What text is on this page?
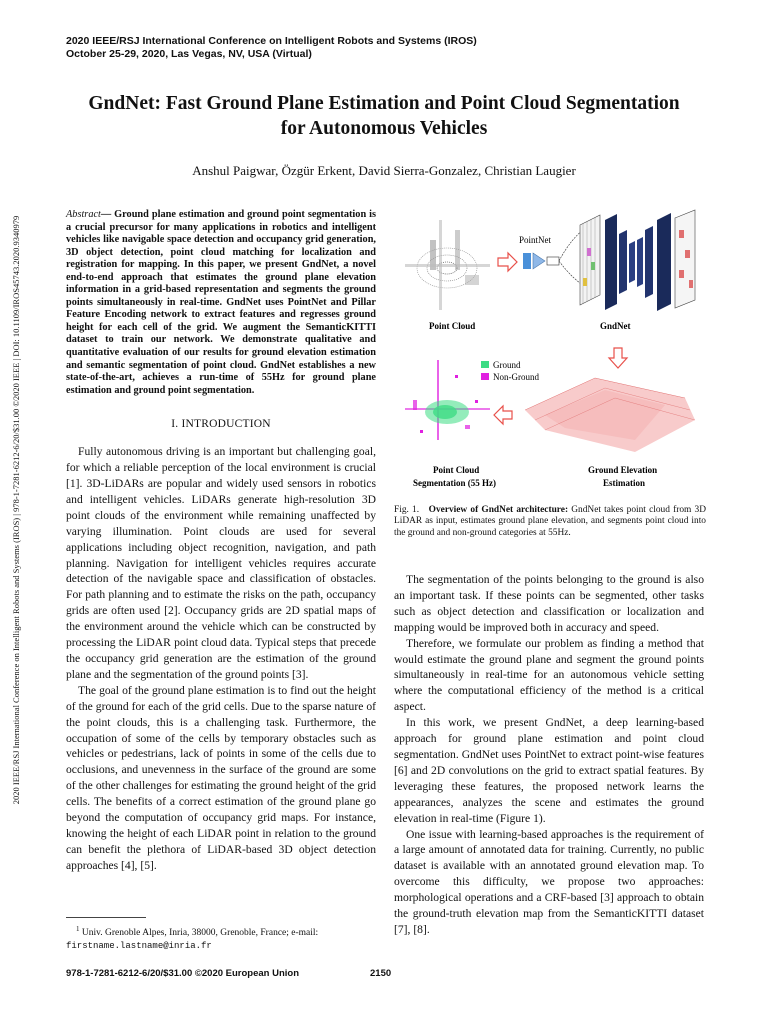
2020 IEEE/RSJ International Conference on Intelligent Robots and Systems (IROS)
October 25-29, 2020, Las Vegas, NV, USA (Virtual)
GndNet: Fast Ground Plane Estimation and Point Cloud Segmentation
for Autonomous Vehicles
Anshul Paigwar, Özgür Erkent, David Sierra-Gonzalez, Christian Laugier
2020 IEEE/RSJ International Conference on Intelligent Robots and Systems (IROS) | 978-1-7281-6212-6/20/$31.00 ©2020 IEEE | DOI: 10.1109/IROS45743.2020.9340979

Abstract— Ground plane estimation and ground point segmentation is a crucial precursor for many applications in robotics and intelligent vehicles like navigable space detection and occupancy grid generation, 3D object detection, point cloud matching for localization and registration for mapping. In this paper, we present GndNet, a novel end-to-end approach that estimates the ground plane elevation information in a grid-based representation and segments the ground points simultaneously in real-time. GndNet uses PointNet and Pillar Feature Encoding network to extract features and regresses ground height for each cell of the grid. We augment the SemanticKITTI dataset to train our network. We demonstrate qualitative and quantitative evaluation of our results for ground elevation estimation and semantic segmentation of point cloud. GndNet establishes a new state-of-the-art, achieves a run-time of 55Hz for ground plane estimation and ground point segmentation.

I. INTRODUCTION

Fully autonomous driving is an important but challenging goal, for which a reliable perception of the local environment is crucial [1]. 3D-LiDARs are popular and widely used sensors in robotics and intelligent vehicles. LiDARs generate high-resolution 3D point clouds of the environment while remaining unaffected by varying illumination. Point clouds are used for several applications including object recognition, navigation, and path planning. Navigation for intelligent vehicles requires accurate detection of the navigable space and classification of obstacles. For path planning and to estimate the risks on the path, occupancy grids are often used [2]. Occupancy grids are 2D spatial maps of the environment around the vehicle which can be constructed by processing the LiDAR point cloud data. Typical steps that precede the occupancy grid generation are the estimation of the ground plane and the segmentation of the ground points [3].

The goal of the ground plane estimation is to find out the height of the ground for each of the grid cells. Due to the sparse nature of the point clouds, this is a challenging task. Furthermore, the occupation of some of the cells by temporary obstacles such as vehicles or pedestrians, lack of points in some of the cells due to occlusions, and unevenness in the surface of the ground are some of the other challenges for estimating the ground height of the grid cells. The benefits of a correct estimation of the ground plane go beyond the computation of occupancy grid maps. For instance, knowing the height of each LiDAR point in relation to the ground can benefit the plethora of LiDAR-based 3D object detection approaches [4], [5].

$^1$ Univ. Grenoble Alpes, Inria, 38000, Grenoble, France; e-mail:
firstname.lastname@inria.fr
978-1-7281-6212-6/20/$31.00 ©2020 European Union	2150
Point Cloud
PointNet
GndNet
Ground
Non-Ground
Point Cloud
Segmentation (55 Hz)
Ground Elevation
Estimation
Fig. 1. Overview of GndNet architecture: GndNet takes point cloud from 3D LiDAR as input, estimates ground plane elevation, and segments point cloud into the ground and non-ground categories at 55Hz.

The segmentation of the points belonging to the ground is also an important task. If these points can be segmented, other tasks such as object detection and classification or localization and mapping would be improved both in accuracy and speed.

Therefore, we formulate our problem as finding a method that would estimate the ground plane and segment the ground points simultaneously in real-time for an autonomous vehicle setting where the computational efficiency of the method is a critical aspect.

In this work, we present GndNet, a deep learning-based approach for ground plane estimation and point cloud segmentation. GndNet uses PointNet to extract point-wise features [6] and 2D convolutions on the grid to extract spatial features. By leveraging these features, the proposed network learns the appearances, analyzes the scene and estimates the ground elevation in real-time (Figure 1).

One issue with learning-based approaches is the requirement of a large amount of annotated data for training. Currently, no public dataset is available with an annotated ground elevation map. To overcome this difficulty, we propose two approaches: morphological operations and a CRF-based [3] approach to obtain the ground-truth elevation map from the SemanticKITTI dataset [7], [8].
